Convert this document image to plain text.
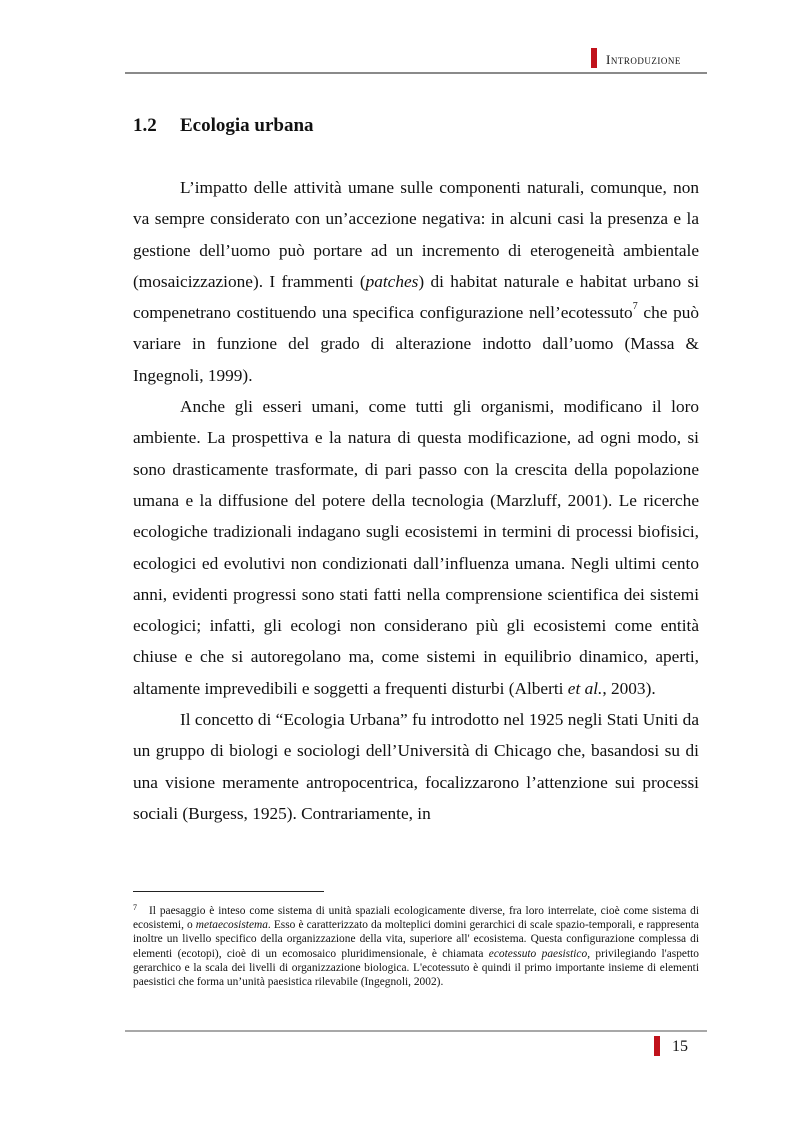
Introduzione
1.2 Ecologia urbana

L’impatto delle attività umane sulle componenti naturali, comunque, non va sempre considerato con un’accezione negativa: in alcuni casi la presenza e la gestione dell’uomo può portare ad un incremento di eterogeneità ambientale (mosaicizzazione). I frammenti (patches) di habitat naturale e habitat urbano si compenetrano costituendo una specifica configurazione nell’ecotessuto$^7$ che può variare in funzione del grado di alterazione indotto dall’uomo (Massa & Ingegnoli, 1999).

Anche gli esseri umani, come tutti gli organismi, modificano il loro ambiente. La prospettiva e la natura di questa modificazione, ad ogni modo, si sono drasticamente trasformate, di pari passo con la crescita della popolazione umana e la diffusione del potere della tecnologia (Marzluff, 2001). Le ricerche ecologiche tradizionali indagano sugli ecosistemi in termini di processi biofisici, ecologici ed evolutivi non condizionati dall’influenza umana. Negli ultimi cento anni, evidenti progressi sono stati fatti nella comprensione scientifica dei sistemi ecologici; infatti, gli ecologi non considerano più gli ecosistemi come entità chiuse e che si autoregolano ma, come sistemi in equilibrio dinamico, aperti, altamente imprevedibili e soggetti a frequenti disturbi (Alberti et al., 2003).

Il concetto di “Ecologia Urbana” fu introdotto nel 1925 negli Stati Uniti da un gruppo di biologi e sociologi dell’Università di Chicago che, basandosi su di una visione meramente antropocentrica, focalizzarono l’attenzione sui processi sociali (Burgess, 1925). Contrariamente, in

$^7$ Il paesaggio è inteso come sistema di unità spaziali ecologicamente diverse, fra loro interrelate, cioè come sistema di ecosistemi, o metaecosistema. Esso è caratterizzato da molteplici domini gerarchici di scale spazio-temporali, e rappresenta inoltre un livello specifico della organizzazione della vita, superiore all' ecosistema. Questa configurazione complessa di elementi (ecotopi), cioè di un ecomosaico pluridimensionale, è chiamata ecotessuto paesistico, privilegiando l'aspetto gerarchico e la scala dei livelli di organizzazione biologica. L'ecotessuto è quindi il primo importante insieme di elementi paesistici che forma un’unità paesistica rilevabile (Ingegnoli, 2002).
15
